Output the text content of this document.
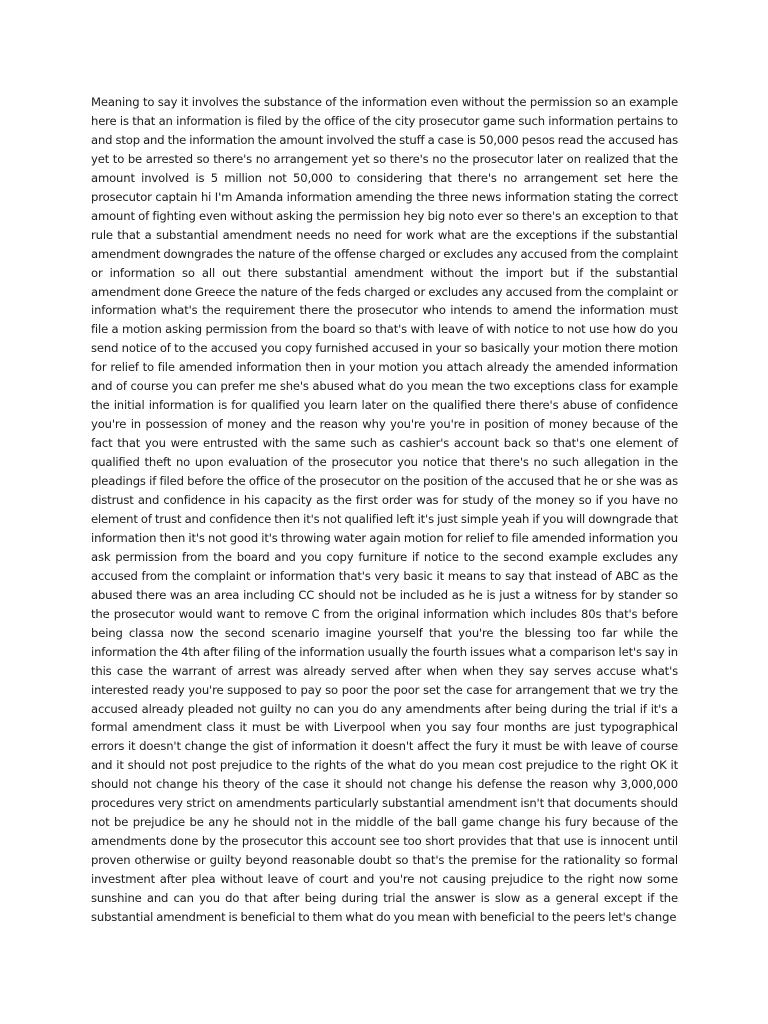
Meaning to say it involves the substance of the information even without the permission so an example here is that an information is filed by the office of the city prosecutor game such information pertains to and stop and the information the amount involved the stuff a case is 50,000 pesos read the accused has yet to be arrested so there's no arrangement yet so there's no the prosecutor later on realized that the amount involved is 5 million not 50,000 to considering that there's no arrangement set here the prosecutor captain hi I'm Amanda information amending the three news information stating the correct amount of fighting even without asking the permission hey big noto ever so there's an exception to that rule that a substantial amendment needs no need for work what are the exceptions if the substantial amendment downgrades the nature of the offense charged or excludes any accused from the complaint or information so all out there substantial amendment without the import but if the substantial amendment done Greece the nature of the feds charged or excludes any accused from the complaint or information what's the requirement there the prosecutor who intends to amend the information must file a motion asking permission from the board so that's with leave of with notice to not use how do you send notice of to the accused you copy furnished accused in your so basically your motion there motion for relief to file amended information then in your motion you attach already the amended information and of course you can prefer me she's abused what do you mean the two exceptions class for example the initial information is for qualified you learn later on the qualified there there's abuse of confidence you're in possession of money and the reason why you're you're in position of money because of the fact that you were entrusted with the same such as cashier's account back so that's one element of qualified theft no upon evaluation of the prosecutor you notice that there's no such allegation in the pleadings if filed before the office of the prosecutor on the position of the accused that he or she was as distrust and confidence in his capacity as the first order was for study of the money so if you have no element of trust and confidence then it's not qualified left it's just simple yeah if you will downgrade that information then it's not good it's throwing water again motion for relief to file amended information you ask permission from the board and you copy furniture if notice to the second example excludes any accused from the complaint or information that's very basic it means to say that instead of ABC as the abused there was an area including CC should not be included as he is just a witness for by stander so the prosecutor would want to remove C from the original information which includes 80s that's before being classa now the second scenario imagine yourself that you're the blessing too far while the information the 4th after filing of the information usually the fourth issues what a comparison let's say in this case the warrant of arrest was already served after when when they say serves accuse what's interested ready you're supposed to pay so poor the poor set the case for arrangement that we try the accused already pleaded not guilty no can you do any amendments after being during the trial if it's a formal amendment class it must be with Liverpool when you say four months are just typographical errors it doesn't change the gist of information it doesn't affect the fury it must be with leave of course and it should not post prejudice to the rights of the what do you mean cost prejudice to the right OK it should not change his theory of the case it should not change his defense the reason why 3,000,000 procedures very strict on amendments particularly substantial amendment isn't that documents should not be prejudice be any he should not in the middle of the ball game change his fury because of the amendments done by the prosecutor this account see too short provides that that use is innocent until proven otherwise or guilty beyond reasonable doubt so that's the premise for the rationality so formal investment after plea without leave of court and you're not causing prejudice to the right now some sunshine and can you do that after being during trial the answer is slow as a general except if the substantial amendment is beneficial to them what do you mean with beneficial to the peers let's change
